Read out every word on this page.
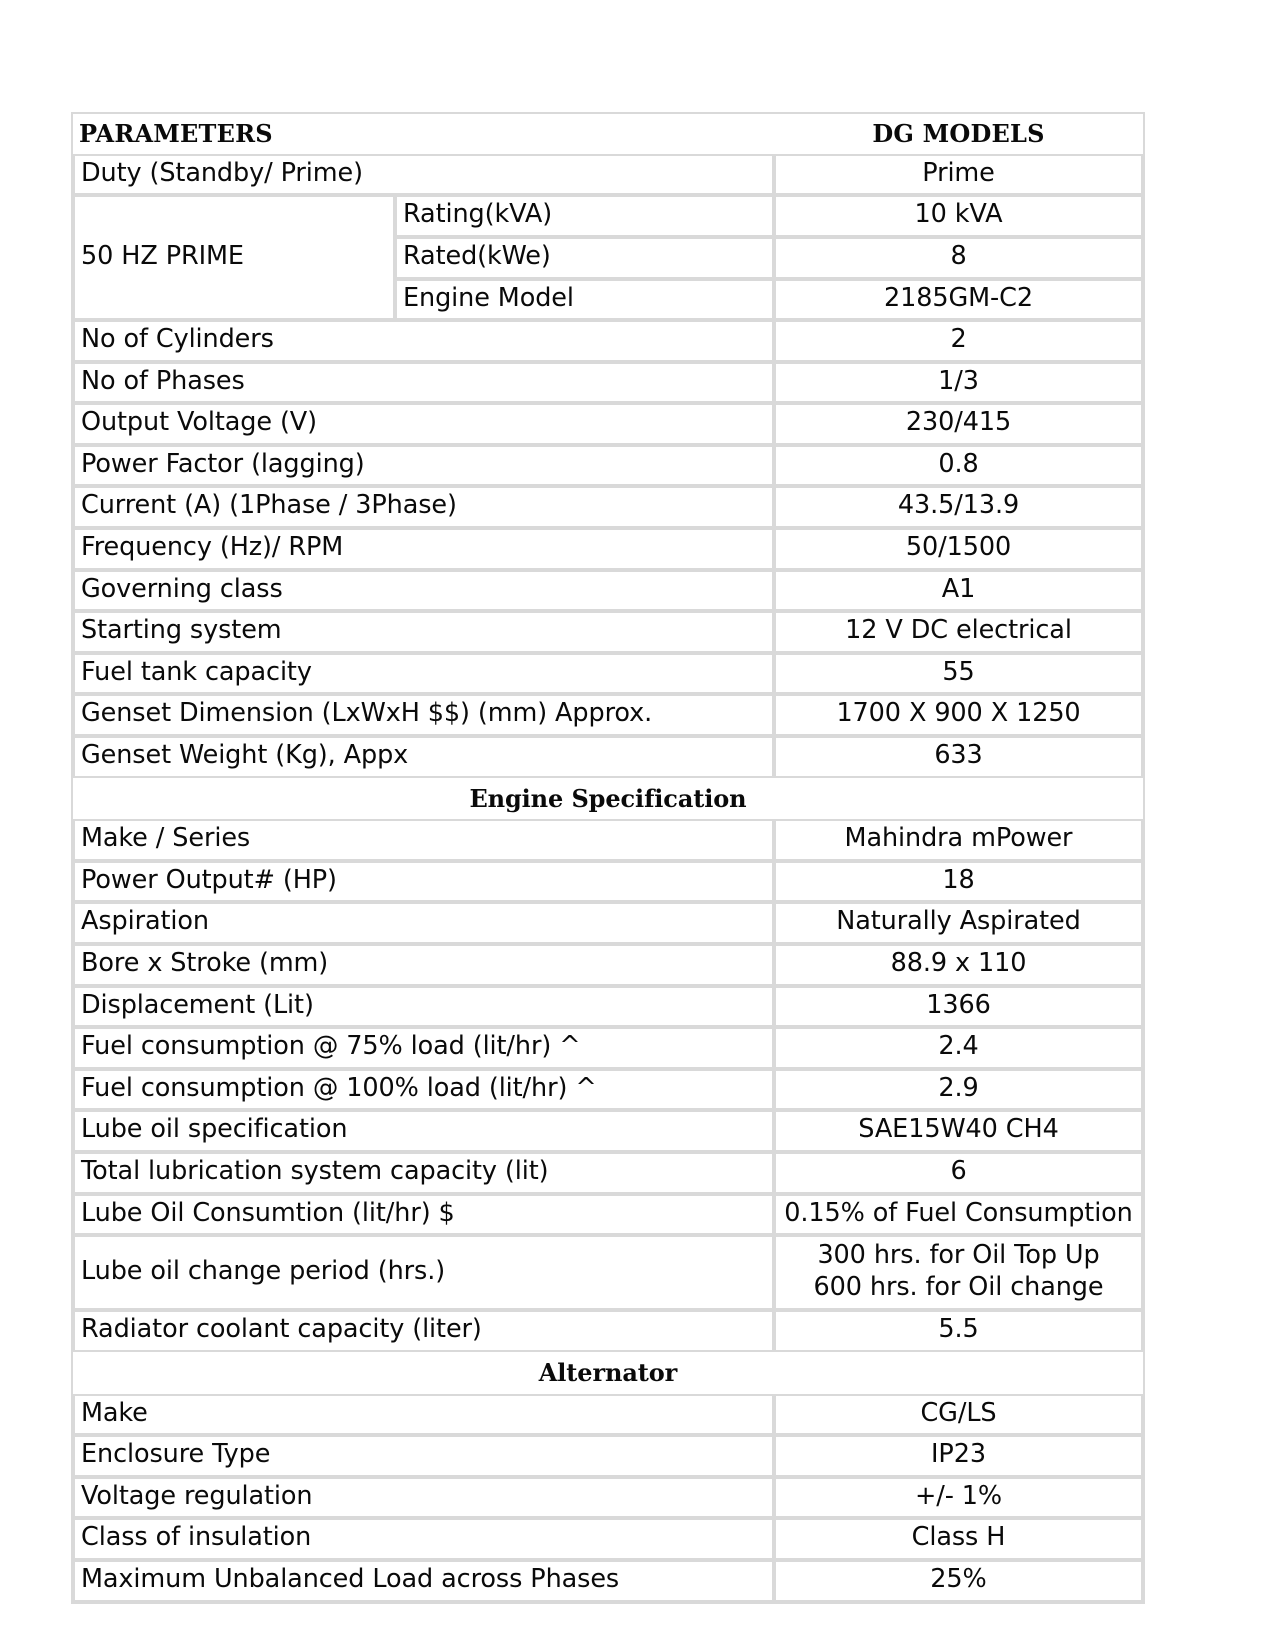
PARAMETERS		DG MODELS
Duty (Standby/ Prime)		Prime
50 HZ PRIME	Rating(kVA)	10 kVA
	Rated(kWe)	8
	Engine Model	2185GM-C2
No of Cylinders		2
No of Phases		1/3
Output Voltage (V)		230/415
Power Factor (lagging)		0.8
Current (A) (1Phase / 3Phase)		43.5/13.9
Frequency (Hz)/ RPM		50/1500
Governing class		A1
Starting system		12 V DC electrical
Fuel tank capacity		55
Genset Dimension (LxWxH $$) (mm) Approx.		1700 X 900 X 1250
Genset Weight (Kg), Appx		633
Engine Specification		
Make / Series		Mahindra mPower
Power Output# (HP)		18
Aspiration		Naturally Aspirated
Bore x Stroke (mm)		88.9 x 110
Displacement (Lit)		1366
Fuel consumption @ 75% load (lit/hr) ^		2.4
Fuel consumption @ 100% load (lit/hr) ^		2.9
Lube oil specification		SAE15W40 CH4
Total lubrication system capacity (lit)		6
Lube Oil Consumtion (lit/hr) $		0.15% of Fuel Consumption
Lube oil change period (hrs.)		300 hrs. for Oil Top Up
600 hrs. for Oil change

Radiator coolant capacity (liter)		5.5
Alternator		
Make		CG/LS
Enclosure Type		IP23
Voltage regulation		+/- 1%
Class of insulation		Class H
Maximum Unbalanced Load across Phases		25%
